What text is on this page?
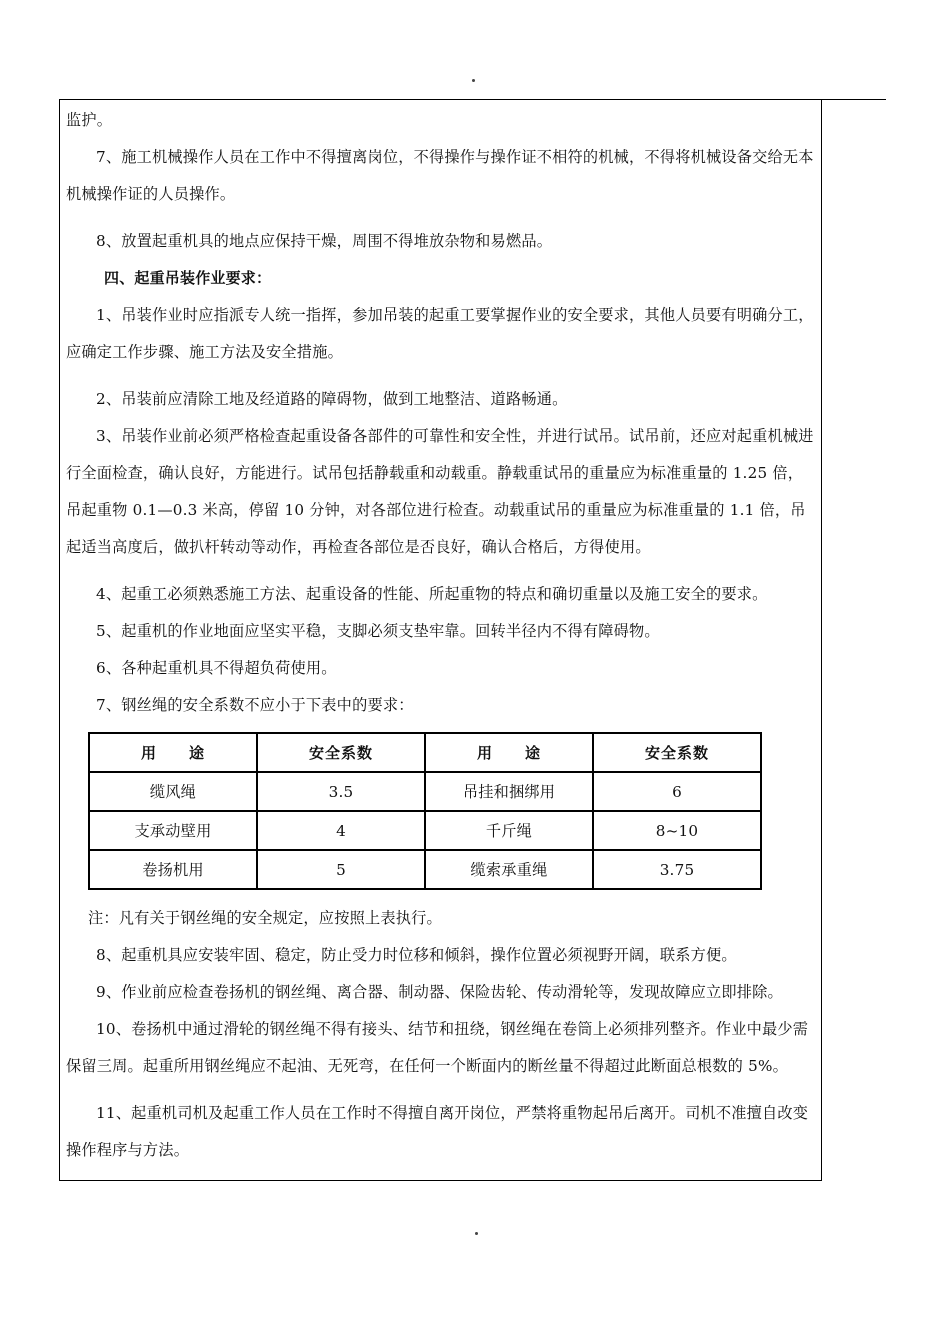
监护。

7、施工机械操作人员在工作中不得擅离岗位，不得操作与操作证不相符的机械，不得将机械设备交给无本机械操作证的人员操作。

8、放置起重机具的地点应保持干燥，周围不得堆放杂物和易燃品。

四、起重吊装作业要求：

1、吊装作业时应指派专人统一指挥，参加吊装的起重工要掌握作业的安全要求，其他人员要有明确分工，应确定工作步骤、施工方法及安全措施。

2、吊装前应清除工地及经道路的障碍物，做到工地整洁、道路畅通。

3、吊装作业前必须严格检查起重设备各部件的可靠性和安全性，并进行试吊。试吊前，还应对起重机械进行全面检查，确认良好，方能进行。试吊包括静载重和动载重。静载重试吊的重量应为标准重量的 1.25 倍，吊起重物 0.1—0.3 米高，停留 10 分钟，对各部位进行检查。动载重试吊的重量应为标准重量的 1.1 倍，吊起适当高度后，做扒杆转动等动作，再检查各部位是否良好，确认合格后，方得使用。

4、起重工必须熟悉施工方法、起重设备的性能、所起重物的特点和确切重量以及施工安全的要求。

5、起重机的作业地面应坚实平稳，支脚必须支垫牢靠。回转半径内不得有障碍物。

6、各种起重机具不得超负荷使用。

7、钢丝绳的安全系数不应小于下表中的要求：

用　　途	安全系数	用　　途	安全系数
缆风绳	3.5	吊挂和捆绑用	6
支承动壁用	4	千斤绳	8~10
卷扬机用	5	缆索承重绳	3.75

注：凡有关于钢丝绳的安全规定，应按照上表执行。

8、起重机具应安装牢固、稳定，防止受力时位移和倾斜，操作位置必须视野开阔，联系方便。

9、作业前应检查卷扬机的钢丝绳、离合器、制动器、保险齿轮、传动滑轮等，发现故障应立即排除。

10、卷扬机中通过滑轮的钢丝绳不得有接头、结节和扭绕，钢丝绳在卷筒上必须排列整齐。作业中最少需保留三周。起重所用钢丝绳应不起油、无死弯，在任何一个断面内的断丝量不得超过此断面总根数的 5%。

11、起重机司机及起重工作人员在工作时不得擅自离开岗位，严禁将重物起吊后离开。司机不准擅自改变操作程序与方法。
